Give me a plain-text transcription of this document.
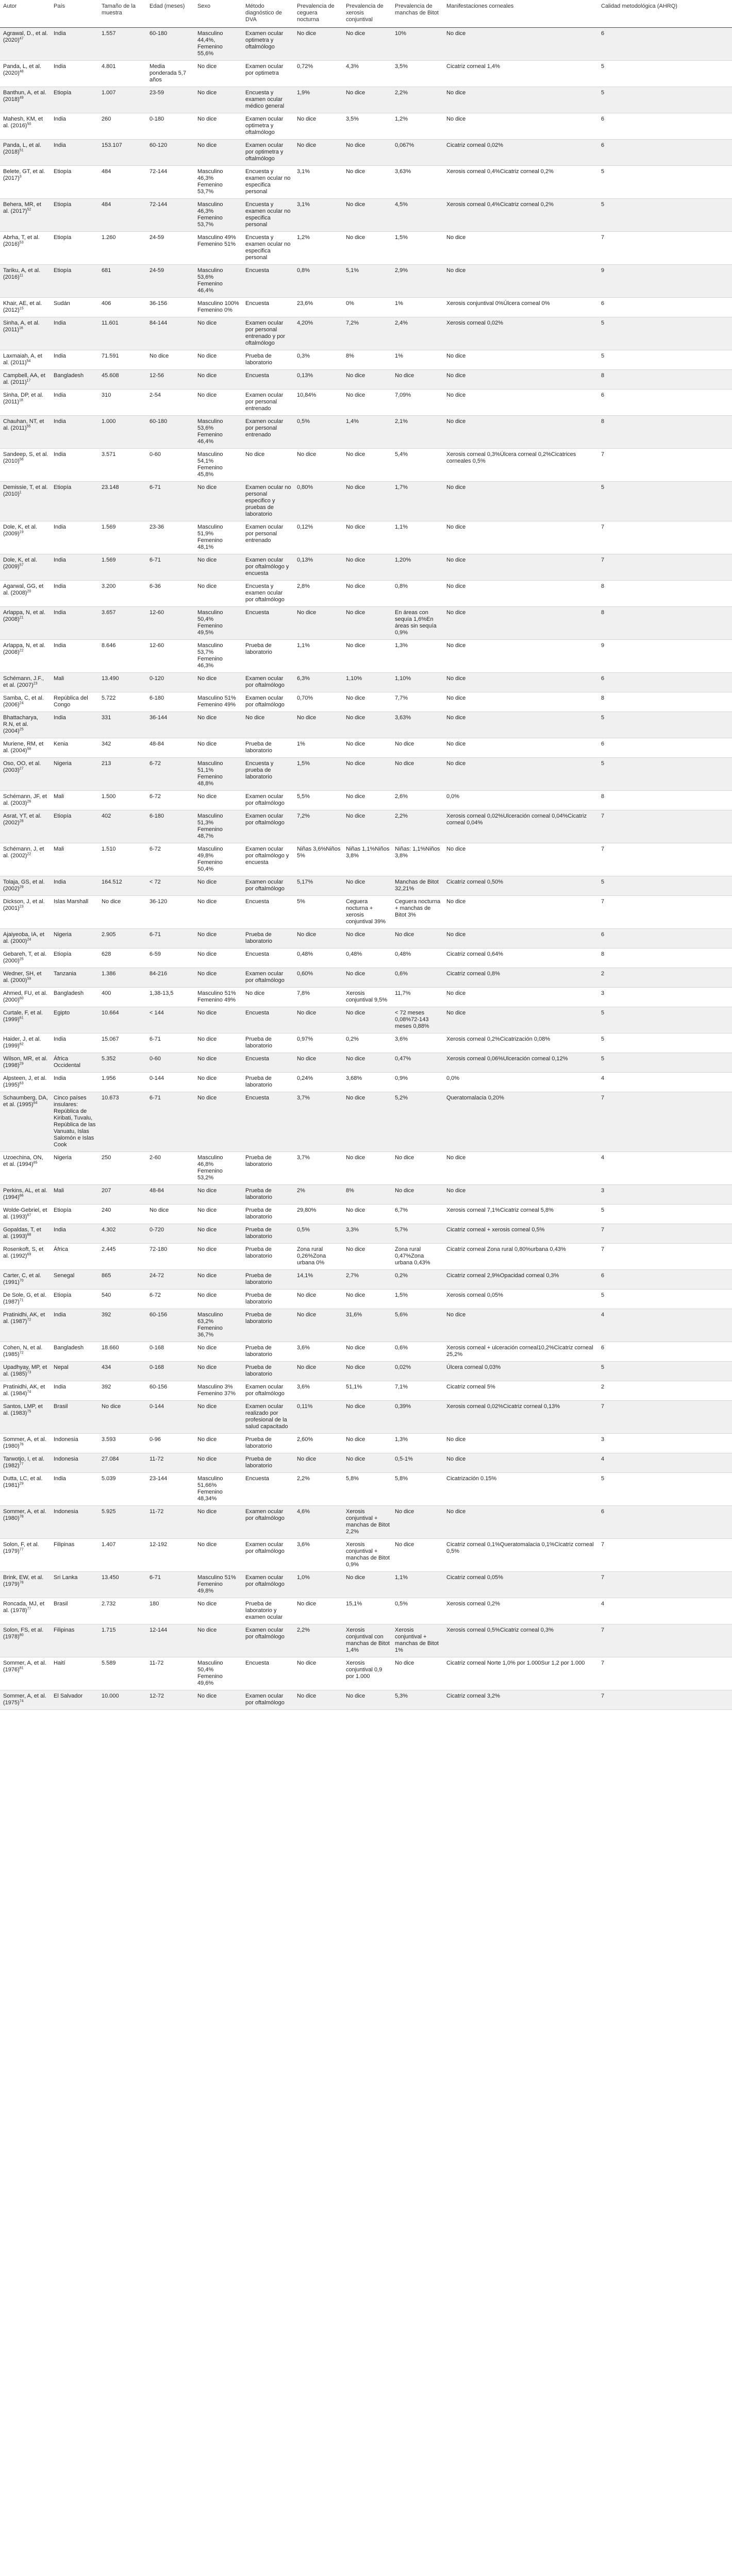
Autor	País	Tamaño de la muestra	Edad (meses)	Sexo	Método diagnóstico de DVA	Prevalencia de ceguera nocturna	Prevalencia de xerosis conjuntival	Prevalencia de manchas de Bitot	Manifestaciones corneales	Calidad metodológica (AHRQ)
Agrawal, D., et al. $(2020)^{47}$	India	1.557	60-180	Masculino 44,4%, Femenino 55,6%	Examen ocular optimetra y oftalmólogo	No dice	No dice	10%	No dice	6
Panda, L, et al. $(2020)^{48}$	India	4.801	Media ponderada 5,7 años	No dice	Examen ocular por optimetra	0,72%	4,3%	3,5%	Cicatriz corneal 1,4%	5
Banthun, A, et al. $(2018)^{49}$	Etiopía	1.007	23-59	No dice	Encuesta y examen ocular médico general	1,9%	No dice	2,2%	No dice	5
Mahesh, KM, et al. $(2016)^{50}$	India	260	0-180	No dice	Examen ocular optimetra y oftalmólogo	No dice	3,5%	1,2%	No dice	6
Panda, L, et al. $(2018)^{51}$	India	153.107	60-120	No dice	Examen ocular por optimetra y oftalmólogo	No dice	No dice	0,067%	Cicatriz corneal 0,02%	6
Belete, GT, et al. $(2017)^3$	Etiopía	484	72-144	Masculino 46,3% Femenino 53,7%	Encuesta y examen ocular no especifica personal	3,1%	No dice	3,63%	Xerosis corneal 0,4%Cicatriz corneal 0,2%	5
Behera, MR, et al. $(2017)^{52}$	Etiopía	484	72-144	Masculino 46,3% Femenino 53,7%	Encuesta y examen ocular no especifica personal	3,1%	No dice	4,5%	Xerosis corneal 0,4%Cicatriz corneal 0,2%	5
Abrha, T, et al. $(2016)^{53}$	Etiopía	1.260	24-59	Masculino 49% Femenino 51%	Encuesta y examen ocular no especifica personal	1,2%	No dice	1,5%	No dice	7
Tariku, A, et al. $(2016)^{11}$	Etiopía	681	24-59	Masculino 53,6% Femenino 46,4%	Encuesta	0,8%	5,1%	2,9%	No dice	9
Khair, AE, et al. $(2012)^{15}$	Sudán	406	36-156	Masculino 100% Femenino 0%	Encuesta	23,6%	0%	1%	Xerosis conjuntival 0%Úlcera corneal 0%	6
Sinha, A, et al. $(2011)^{16}$	India	11.601	84-144	No dice	Examen ocular por personal entrenado y por oftalmólogo	4,20%	7,2%	2,4%	Xerosis corneal 0,02%	5
Laxmaiah, A, et al. $(2011)^{54}$	India	71.591	No dice	No dice	Prueba de laboratorio	0,3%	8%	1%	No dice	5
Campbell, AA, et al. $(2011)^{17}$	Bangladesh	45.608	12-56	No dice	Encuesta	0,13%	No dice	No dice	No dice	8
Sinha, DP, et al. $(2011)^{18}$	India	310	2-54	No dice	Examen ocular por personal entrenado	10,84%	No dice	7,09%	No dice	6
Chauhan, NT, et al. $(2011)^{55}$	India	1.000	60-180	Masculino 53,6% Femenino 46,4%	Examen ocular por personal entrenado	0,5%	1,4%	2,1%	No dice	8
Sandeep, S, et al. $(2010)^{56}$	India	3.571	0-60	Masculino 54,1% Femenino 45,8%	No dice	No dice	No dice	5,4%	Xerosis corneal 0,3%Úlcera corneal 0,2%Cicatrices corneales 0,5%	7
Demissie, T, et al. $(2010)^1$	Etiopía	23.148	6-71	No dice	Examen ocular no personal especifico y pruebas de laboratorio	0,80%	No dice	1,7%	No dice	5
Dole, K, et al. $(2009)^{19}$	India	1.569	23-36	Masculino 51,9% Femenino 48,1%	Examen ocular por personal entrenado	0,12%	No dice	1,1%	No dice	7
Dole, K, et al. $(2009)^{57}$	India	1.569	6-71	No dice	Examen ocular por oftalmólogo y encuesta	0,13%	No dice	1,20%	No dice	7
Agarwal, GG, et al. $(2008)^{20}$	India	3.200	6-36	No dice	Encuesta y examen ocular por oftalmólogo	2,8%	No dice	0,8%	No dice	8
Arlappa, N, et al. $(2008)^{21}$	India	3.657	12-60	Masculino 50,4% Femenino 49,5%	Encuesta	No dice	No dice	En áreas con sequía 1,6%En áreas sin sequía 0,9%	No dice	8
Arlappa, N, et al. $(2008)^{22}$	India	8.646	12-60	Masculino 53,7% Femenino 46,3%	Prueba de laboratorio	1,1%	No dice	1,3%	No dice	9
Schémann, J.F., et al. $(2007)^{23}$	Mali	13.490	0-120	No dice	Examen ocular por oftalmólogo	6,3%	1,10%	1,10%	No dice	6
Samba, C, et al. $(2006)^{24}$	República del Congo	5.722	6-180	Masculino 51% Femenino 49%	Examen ocular por oftalmólogo	0,70%	No dice	7,7%	No dice	8
Bhattacharya, R.N, et al. $(2004)^{25}$	India	331	36-144	No dice	No dice	No dice	No dice	3,63%	No dice	5
Muriene, RM, et al. $(2004)^{58}$	Kenia	342	48-84	No dice	Prueba de laboratorio	1%	No dice	No dice	No dice	6
Oso, OO, et al. $(2003)^{27}$	Nigeria	213	6-72	Masculino 51,1% Femenino 48,8%	Encuesta y prueba de laboratorio	1,5%	No dice	No dice	No dice	5
Schémann, JF, et al. $(2003)^{26}$	Mali	1.500	6-72	No dice	Examen ocular por oftalmólogo	5,5%	No dice	2,6%	0,0%	8
Asrat, YT, et al. $(2002)^{28}$	Etiopía	402	6-180	Masculino 51,3% Femenino 48,7%	Examen ocular por oftalmólogo	7,2%	No dice	2,2%	Xerosis corneal 0,02%Ulceración corneal 0,04%Cicatriz corneal 0,04%	7
Schémann, J, et al. $(2002)^{22}$	Mali	1.510	6-72	Masculino 49,8% Femenino 50,4%	Examen ocular por oftalmólogo y encuesta	Niñas 3,6%Niños 5%	Niñas 1,1%Niños 3,8%	Niñas: 1,1%Niños 3,8%	No dice	7
Tolaja, GS, et al. $(2002)^{29}$	India	164.512	< 72	No dice	Examen ocular por oftalmólogo	5,17%	No dice	Manchas de Bitot 32,21%	Cicatriz corneal 0,50%	5
Dickson, J, et al. $(2001)^{23}$	Islas Marshall	No dice	36-120	No dice	Encuesta	5%	Ceguera nocturna + xerosis conjuntival 39%	Ceguera nocturna + manchas de Bitot 3%	No dice	7
Ajaiyeoba, IA, et al. $(2000)^{24}$	Nigeria	2.905	6-71	No dice	Prueba de laboratorio	No dice	No dice	No dice	No dice	6
Gebareh, T, et al. $(2000)^{25}$	Etiopía	628	6-59	No dice	Encuesta	0,48%	0,48%	0,48%	Cicatriz corneal 0,64%	8
Wedner, SH, et al. $(2000)^{59}$	Tanzania	1.386	84-216	No dice	Examen ocular por oftalmólogo	0,60%	No dice	0,6%	Cicatriz corneal 0,8%	2
Ahmed, FU, et al. $(2000)^{60}$	Bangladesh	400	1,38-13,5	Masculino 51% Femenino 49%	No dice	7,8%	Xerosis conjuntival 9,5%	11,7%	No dice	3
Curtale, F, et al. $(1999)^{61}$	Egipto	10.664	< 144	No dice	Encuesta	No dice	No dice	< 72 meses 0,08%72-143 meses 0,88%	No dice	5
Haider, J, et al. $(1999)^{62}$	India	15.067	6-71	No dice	Prueba de laboratorio	0,97%	0,2%	3,6%	Xerosis corneal 0,2%Cicatrización 0,08%	5
Wilson, MR, et al. $(1998)^{29}$	África Occidental	5.352	0-60	No dice	Encuesta	No dice	No dice	0,47%	Xerosis corneal 0,06%Ulceración corneal 0,12%	5
Alpsteen, J, et al. $(1995)^{63}$	India	1.956	0-144	No dice	Prueba de laboratorio	0,24%	3,68%	0,9%	0,0%	4
Schaumberg, DA, et al. $(1995)^{64}$	Cinco países insulares: República de Kiribati, Tuvalu, República de las Vanuatu, Islas Salomón e Islas Cook	10.673	6-71	No dice	Encuesta	3,7%	No dice	5,2%	Queratomalacia 0,20%	7
Uzoechina, ON, et al. $(1994)^{65}$	Nigeria	250	2-60	Masculino 46,8% Femenino 53,2%	Prueba de laboratorio	3,7%	No dice	No dice	No dice	4
Perkins, AL, et al. $(1994)^{66}$	Mali	207	48-84	No dice	Prueba de laboratorio	2%	8%	No dice	No dice	3
Wolde-Gebriel, et al. $(1993)^{67}$	Etiopía	240	No dice	No dice	Prueba de laboratorio	29,80%	No dice	6,7%	Xerosis corneal 7,1%Cicatriz corneal 5,8%	5
Gopaldas, T, et al. $(1993)^{68}$	India	4.302	0-720	No dice	Prueba de laboratorio	0,5%	3,3%	5,7%	Cicatriz corneal + xerosis corneal 0,5%	7
Rosenkoft, S, et al. $(1992)^{69}$	África	2.445	72-180	No dice	Prueba de laboratorio	Zona rural 0,26%Zona urbana 0%	No dice	Zona rural 0,47%Zona urbana 0,43%	Cicatriz corneal Zona rural 0,80%urbana 0,43%	7
Carter, C, et al. $(1991)^{70}$	Senegal	865	24-72	No dice	Prueba de laboratorio	14,1%	2,7%	0,2%	Cicatriz corneal 2,9%Opacidad corneal 0,3%	6
De Sole, G, et al. $(1987)^{71}$	Etiopía	540	6-72	No dice	Prueba de laboratorio	No dice	No dice	1,5%	Xerosis corneal 0,05%	5
Pratinidhi, AK, et al. $(1987)^{72}$	India	392	60-156	Masculino 63,2% Femenino 36,7%	Prueba de laboratorio	No dice	31,6%	5,6%	No dice	4
Cohen, N, et al. $(1985)^{72}$	Bangladesh	18.660	0-168	No dice	Prueba de laboratorio	3,6%	No dice	0,6%	Xerosis corneal + ulceración corneal10,2%Cicatriz corneal 25,2%	6
Upadhyay, MP, et al. $(1985)^{73}$	Nepal	434	0-168	No dice	Prueba de laboratorio	No dice	No dice	0,02%	Úlcera corneal 0,03%	5
Pratinidhi, AK, et al. $(1984)^{74}$	India	392	60-156	Masculino 3% Femenino 37%	Examen ocular por oftalmólogo	3,6%	51,1%	7,1%	Cicatriz corneal 5%	2
Santos, LMP, et al. $(1983)^{75}$	Brasil	No dice	0-144	No dice	Examen ocular realizado por profesional de la salud capacitado	0,11%	No dice	0,39%	Xerosis corneal 0,02%Cicatriz corneal 0,13%	7
Sommer, A, et al. $(1980)^{76}$	Indonesia	3.593	0-96	No dice	Prueba de laboratorio	2,60%	No dice	1,3%	No dice	3
Tarwotjo, I, et al. $(1982)^{77}$	Indonesia	27.084	11-72	No dice	Prueba de laboratorio	No dice	No dice	0,5-1%	No dice	4
Dutta, LC, et al. $(1981)^{29}$	India	5.039	23-144	Masculino 51,66% Femenino 48,34%	Encuesta	2,2%	5,8%	5,8%	Cicatrización 0.15%	5
Sommer, A, et al. $(1980)^{78}$	Indonesia	5.925	11-72	No dice	Examen ocular por oftalmólogo	4,6%	Xerosis conjuntival + manchas de Bitot 2,2%	No dice	No dice	6
Solon, F, et al. $(1979)^{77}$	Filipinas	1.407	12-192	No dice	Examen ocular por oftalmólogo	3,6%	Xerosis conjuntival + manchas de Bitot 0,9%	No dice	Cicatriz corneal 0,1%Queratomalacia 0,1%Cicatriz corneal 0,5%	7
Brink, EW, et al. $(1979)^{78}$	Sri Lanka	13.450	6-71	Masculino 51% Femenino 49,8%	Examen ocular por oftalmólogo	1,0%	No dice	1,1%	Cicatriz corneal 0,05%	7
Roncada, MJ, et al. $(1978)^{77}$	Brasil	2.732	180	No dice	Prueba de laboratorio y examen ocular	No dice	15,1%	0,5%	Xerosis corneal 0,2%	4
Solon, FS, et al. $(1978)^{80}$	Filipinas	1.715	12-144	No dice	Examen ocular por oftalmólogo	2,2%	Xerosis conjuntival con manchas de Bitot 1,4%	Xerosis conjuntival + manchas de Bitot 1%	Xerosis corneal 0,5%Cicatriz corneal 0,3%	7
Sommer, A, et al. $(1976)^{81}$	Haití	5.589	11-72	Masculino 50,4% Femenino 49,6%	Encuesta	No dice	Xerosis conjuntival 0,9 por 1.000	No dice	Cicatriz corneal Norte 1,0% por 1.000Sur 1,2 por 1.000	7
Sommer, A, et al. $(1975)^{74}$	El Salvador	10.000	12-72	No dice	Examen ocular por oftalmólogo	No dice	No dice	5,3%	Cicatriz corneal 3,2%	7
